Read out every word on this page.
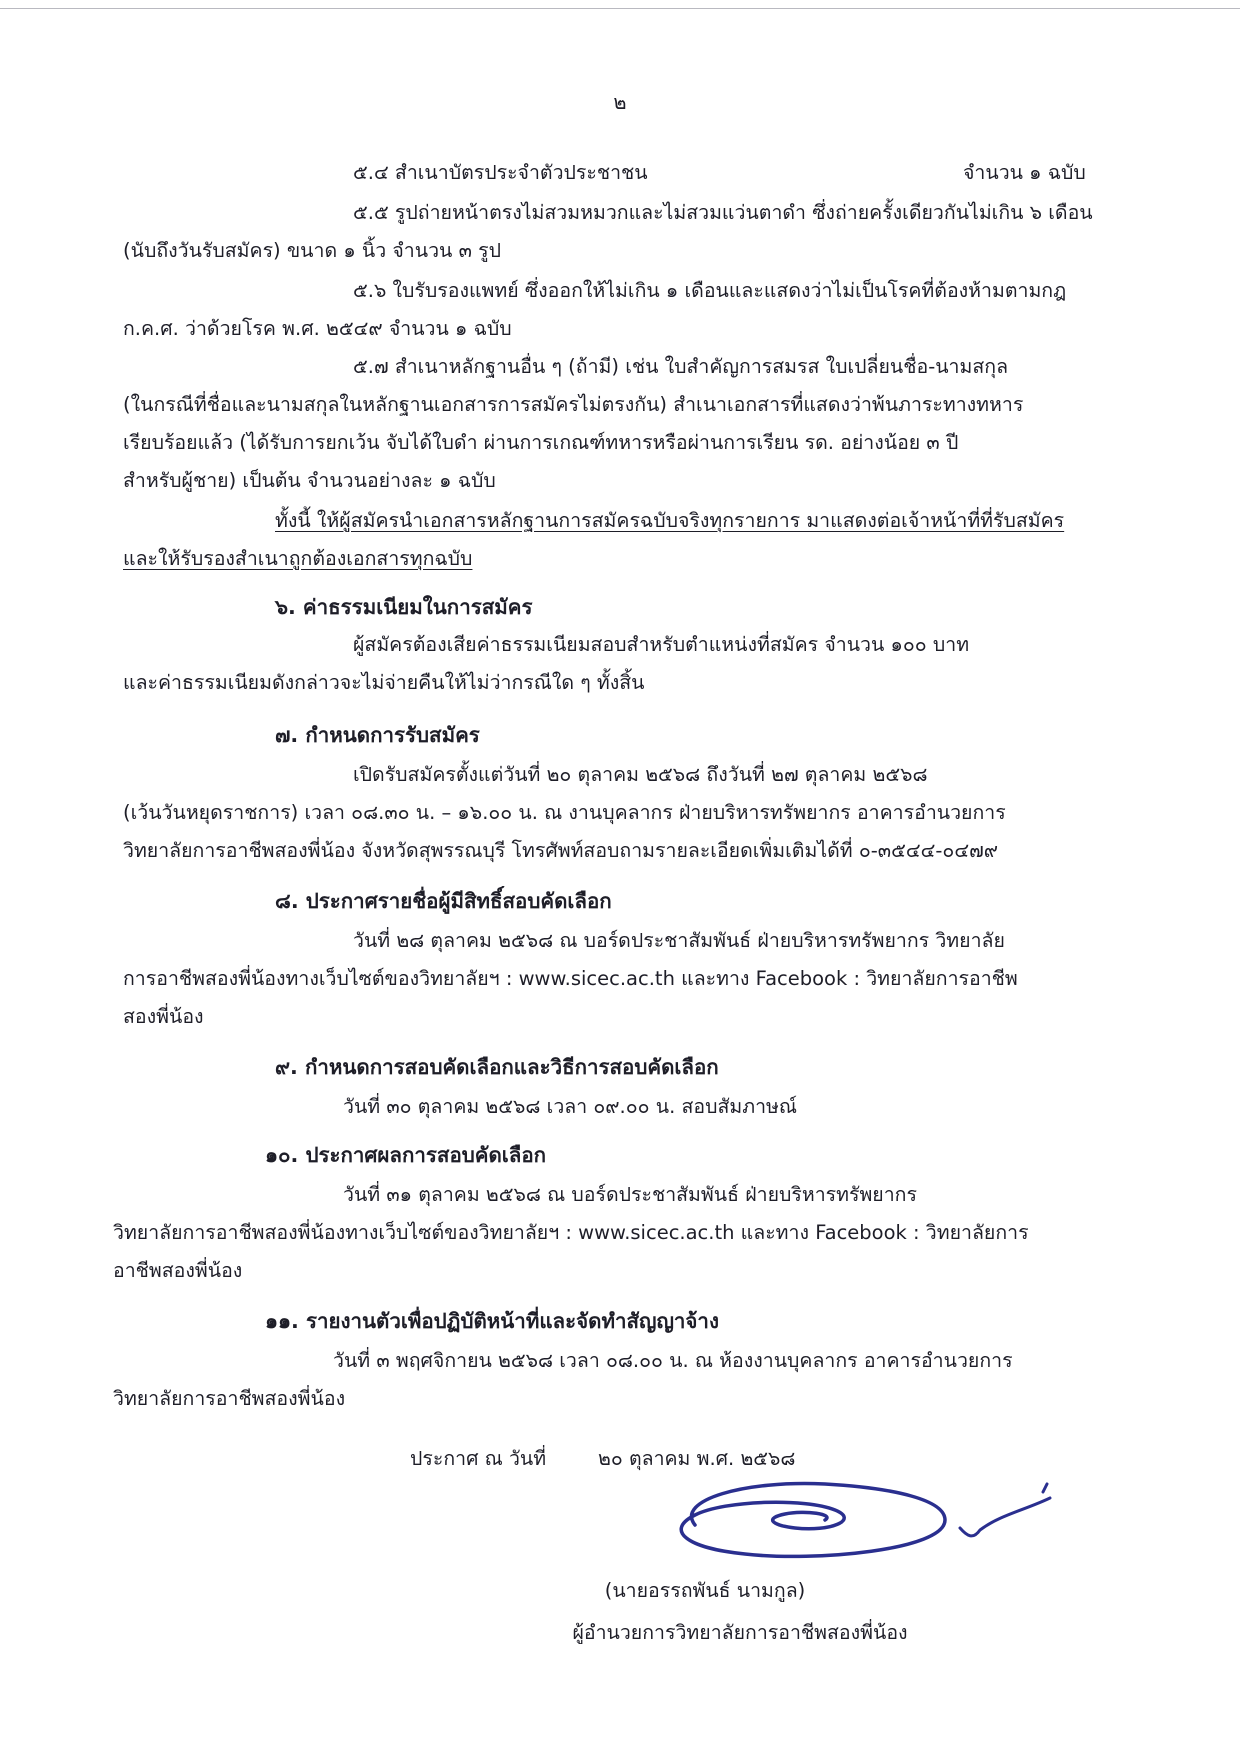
๒
๕.๔ สำเนาบัตรประจำตัวประชาชน	จำนวน ๑ ฉบับ
๕.๕ รูปถ่ายหน้าตรงไม่สวมหมวกและไม่สวมแว่นตาดำ ซึ่งถ่ายครั้งเดียวกันไม่เกิน ๖ เดือน
(นับถึงวันรับสมัคร) ขนาด ๑ นิ้ว จำนวน ๓ รูป
๕.๖ ใบรับรองแพทย์ ซึ่งออกให้ไม่เกิน ๑ เดือนและแสดงว่าไม่เป็นโรคที่ต้องห้ามตามกฎ
ก.ค.ศ. ว่าด้วยโรค พ.ศ. ๒๕๔๙ จำนวน ๑ ฉบับ
๕.๗ สำเนาหลักฐานอื่น ๆ (ถ้ามี) เช่น ใบสำคัญการสมรส ใบเปลี่ยนชื่อ-นามสกุล
(ในกรณีที่ชื่อและนามสกุลในหลักฐานเอกสารการสมัครไม่ตรงกัน) สำเนาเอกสารที่แสดงว่าพ้นภาระทางทหาร
เรียบร้อยแล้ว (ได้รับการยกเว้น จับได้ใบดำ ผ่านการเกณฑ์ทหารหรือผ่านการเรียน รด. อย่างน้อย ๓ ปี
สำหรับผู้ชาย) เป็นต้น จำนวนอย่างละ ๑ ฉบับ
ทั้งนี้ ให้ผู้สมัครนำเอกสารหลักฐานการสมัครฉบับจริงทุกรายการ มาแสดงต่อเจ้าหน้าที่ที่รับสมัคร
และให้รับรองสำเนาถูกต้องเอกสารทุกฉบับ
๖. ค่าธรรมเนียมในการสมัคร
ผู้สมัครต้องเสียค่าธรรมเนียมสอบสำหรับตำแหน่งที่สมัคร จำนวน ๑๐๐ บาท
และค่าธรรมเนียมดังกล่าวจะไม่จ่ายคืนให้ไม่ว่ากรณีใด ๆ ทั้งสิ้น
๗. กำหนดการรับสมัคร
เปิดรับสมัครตั้งแต่วันที่ ๒๐ ตุลาคม ๒๕๖๘ ถึงวันที่ ๒๗ ตุลาคม ๒๕๖๘
(เว้นวันหยุดราชการ) เวลา ๐๘.๓๐ น. – ๑๖.๐๐ น. ณ งานบุคลากร ฝ่ายบริหารทรัพยากร อาคารอำนวยการ
วิทยาลัยการอาชีพสองพี่น้อง จังหวัดสุพรรณบุรี โทรศัพท์สอบถามรายละเอียดเพิ่มเติมได้ที่ ๐-๓๕๔๔-๐๔๗๙
๘. ประกาศรายชื่อผู้มีสิทธิ์สอบคัดเลือก
วันที่ ๒๘ ตุลาคม ๒๕๖๘ ณ บอร์ดประชาสัมพันธ์ ฝ่ายบริหารทรัพยากร วิทยาลัย
การอาชีพสองพี่น้องทางเว็บไซต์ของวิทยาลัยฯ : www.sicec.ac.th และทาง Facebook : วิทยาลัยการอาชีพ
สองพี่น้อง
๙. กำหนดการสอบคัดเลือกและวิธีการสอบคัดเลือก
วันที่ ๓๐ ตุลาคม ๒๕๖๘ เวลา ๐๙.๐๐ น. สอบสัมภาษณ์
๑๐. ประกาศผลการสอบคัดเลือก
วันที่ ๓๑ ตุลาคม ๒๕๖๘ ณ บอร์ดประชาสัมพันธ์ ฝ่ายบริหารทรัพยากร
วิทยาลัยการอาชีพสองพี่น้องทางเว็บไซต์ของวิทยาลัยฯ : www.sicec.ac.th และทาง Facebook : วิทยาลัยการ
อาชีพสองพี่น้อง
๑๑. รายงานตัวเพื่อปฏิบัติหน้าที่และจัดทำสัญญาจ้าง
วันที่ ๓ พฤศจิกายน ๒๕๖๘ เวลา ๐๘.๐๐ น. ณ ห้องงานบุคลากร อาคารอำนวยการ
วิทยาลัยการอาชีพสองพี่น้อง
ประกาศ ณ วันที่	๒๐ ตุลาคม พ.ศ. ๒๕๖๘
(นายอรรถพันธ์ นามกูล)
ผู้อำนวยการวิทยาลัยการอาชีพสองพี่น้อง
